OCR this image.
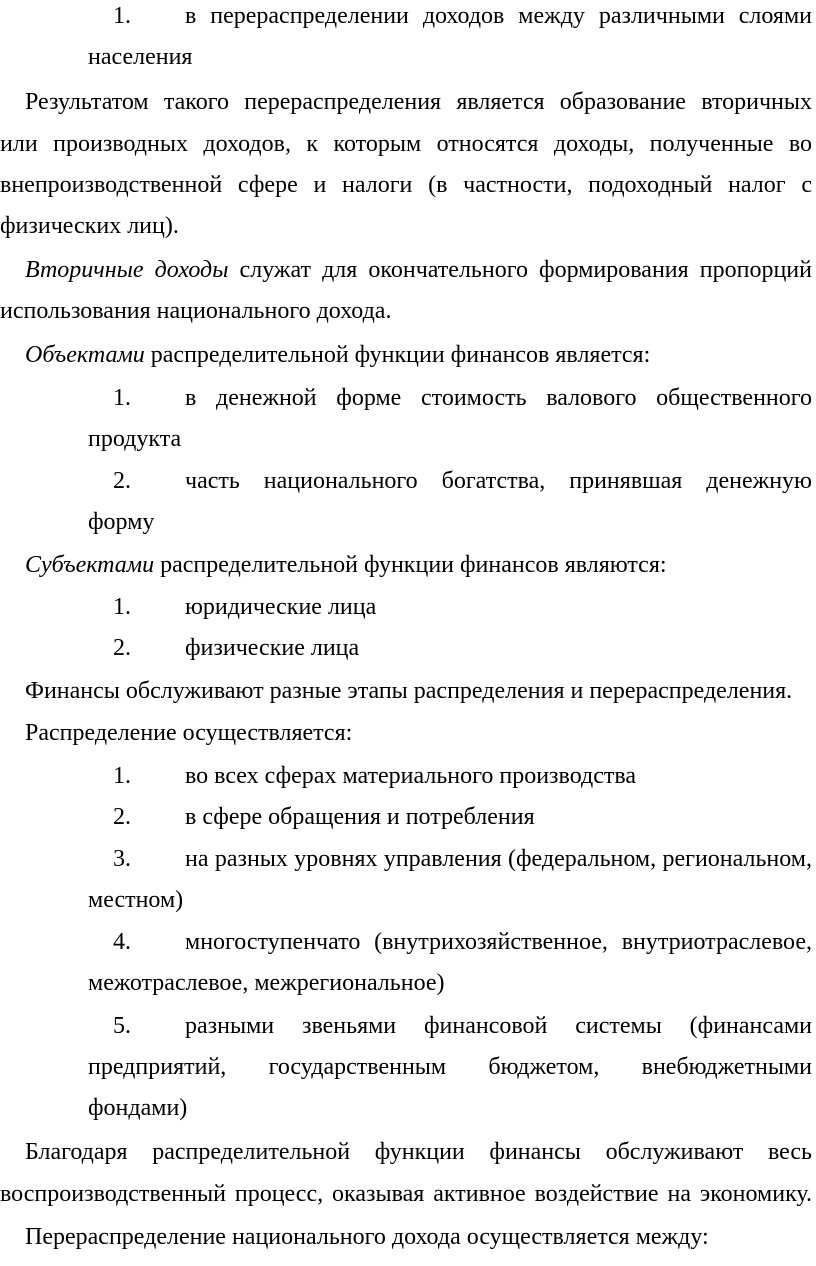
1. в перераспределении доходов между различными слоями
населения
Результатом такого перераспределения является образование вторичных
или производных доходов, к которым относятся доходы, полученные во
внепроизводственной сфере и налоги (в частности, подоходный налог с
физических лиц).
Вторичные доходы служат для окончательного формирования пропорций
использования национального дохода.
Объектами распределительной функции финансов является:
1. в денежной форме стоимость валового общественного
продукта
2. часть национального богатства, принявшая денежную
форму
Субъектами распределительной функции финансов являются:
1. юридические лица
2. физические лица
Финансы обслуживают разные этапы распределения и перераспределения.
Распределение осуществляется:
1. во всех сферах материального производства
2. в сфере обращения и потребления
3. на разных уровнях управления (федеральном, региональном,
местном)
4. многоступенчато (внутрихозяйственное, внутриотраслевое,
межотраслевое, межрегиональное)
5. разными звеньями финансовой системы (финансами
предприятий, государственным бюджетом, внебюджетными
фондами)
Благодаря распределительной функции финансы обслуживают весь
воспроизводственный процесс, оказывая активное воздействие на экономику.
Перераспределение национального дохода осуществляется между:
